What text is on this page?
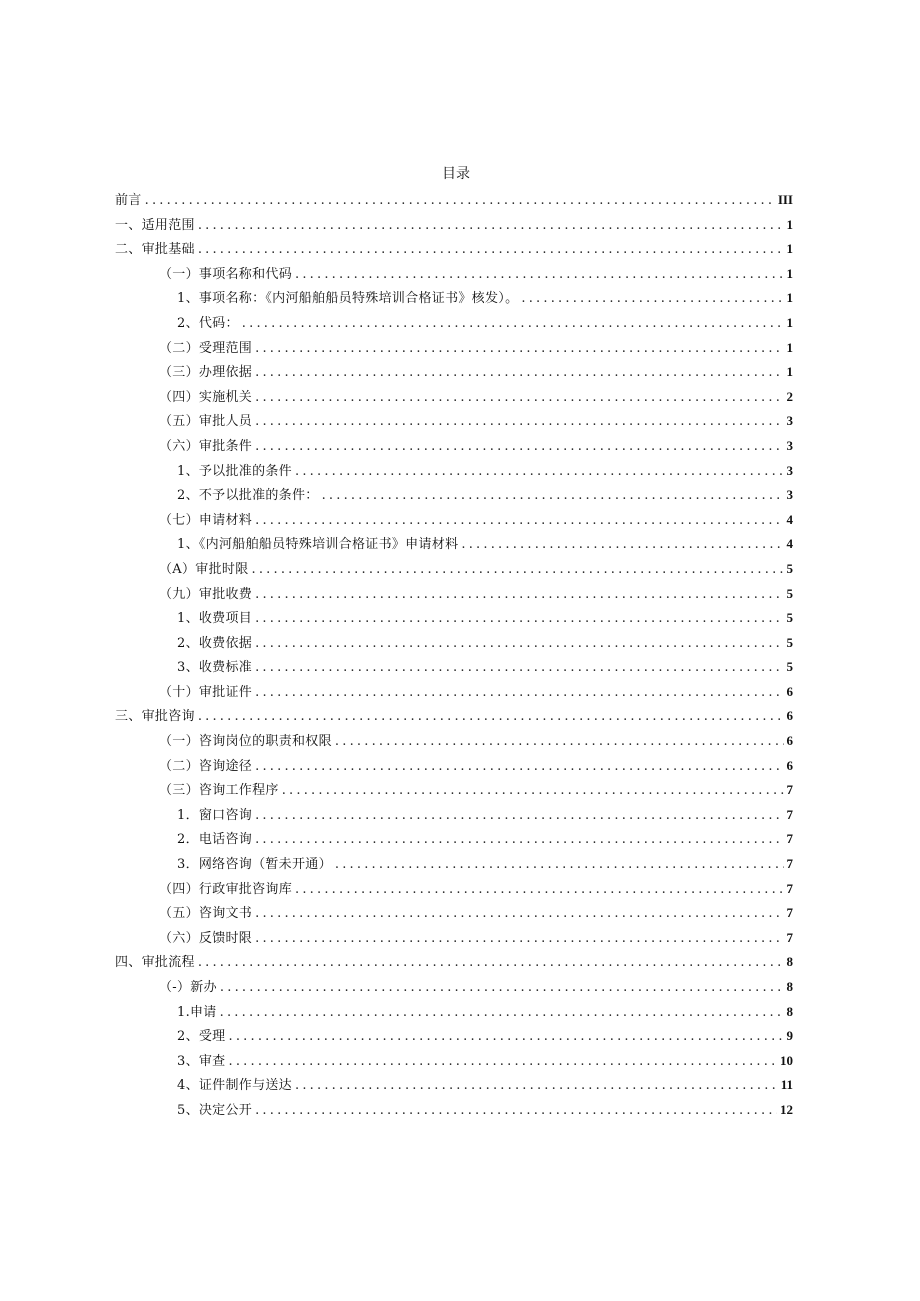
目录
前言 .....	III
一、适用范围 .....	1
二、审批基础 .....	1
（一）事项名称和代码 .....	1
1、事项名称：《内河船舶船员特殊培训合格证书》核发）。 .....	1
2、代码： .....	1
（二）受理范围 .....	1
（三）办理依据 .....	1
（四）实施机关 .....	2
（五）审批人员 .....	3
（六）审批条件 .....	3
1、予以批准的条件 .....	3
2、不予以批准的条件： .....	3
（七）申请材料 .....	4
1、《内河船舶船员特殊培训合格证书》申请材料 .....	4
（A）审批时限 .....	5
（九）审批收费 .....	5
1、收费项目 .....	5
2、收费依据 .....	5
3、收费标准 .....	5
（十）审批证件 .....	6
三、审批咨询 .....	6
（一）咨询岗位的职责和权限 .....	6
（二）咨询途径 .....	6
（三）咨询工作程序 .....	7
1．窗口咨询 .....	7
2．电话咨询 .....	7
3．网络咨询（暂未开通） .....	7
（四）行政审批咨询库 .....	7
（五）咨询文书 .....	7
（六）反馈时限 .....	7
四、审批流程 .....	8
（-）新办 .....	8
1.申请 .....	8
2、受理 .....	9
3、审查 .....	10
4、证件制作与送达 .....	11
5、决定公开 .....	12
